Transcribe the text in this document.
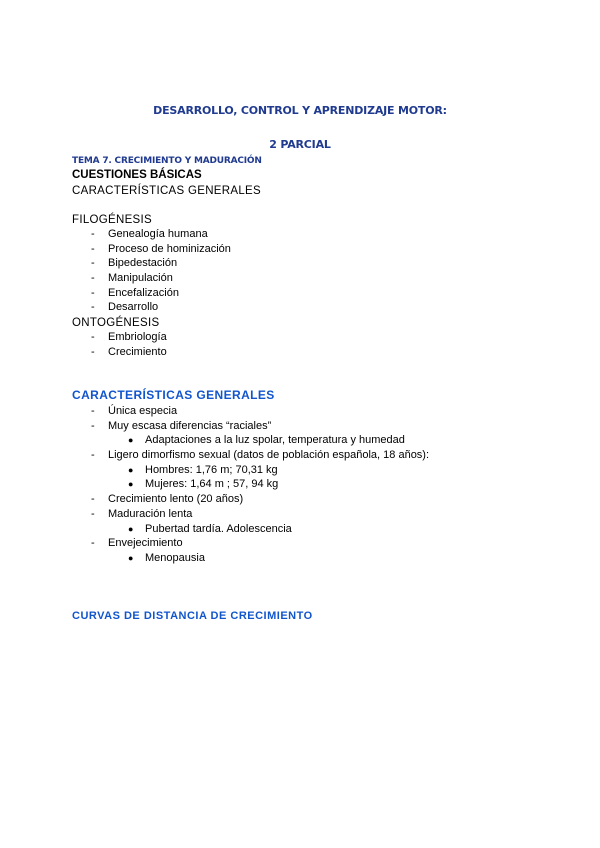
DESARROLLO, CONTROL Y APRENDIZAJE MOTOR:
2 PARCIAL
TEMA 7. CRECIMIENTO Y MADURACIÓN
CUESTIONES BÁSICAS
CARACTERÍSTICAS GENERALES
FILOGÉNESIS
- Genealogía humana
- Proceso de hominización
- Bipedestación
- Manipulación
- Encefalización
- Desarrollo
ONTOGÉNESIS
- Embriología
- Crecimiento
CARACTERÍSTICAS GENERALES
- Única especia
- Muy escasa diferencias “raciales”
● Adaptaciones a la luz spolar, temperatura y humedad
- Ligero dimorfismo sexual (datos de población española, 18 años):
● Hombres: 1,76 m; 70,31 kg
● Mujeres: 1,64 m ; 57, 94 kg
- Crecimiento lento (20 años)
- Maduración lenta
● Pubertad tardía. Adolescencia
- Envejecimiento
● Menopausia
CURVAS DE DISTANCIA DE CRECIMIENTO
